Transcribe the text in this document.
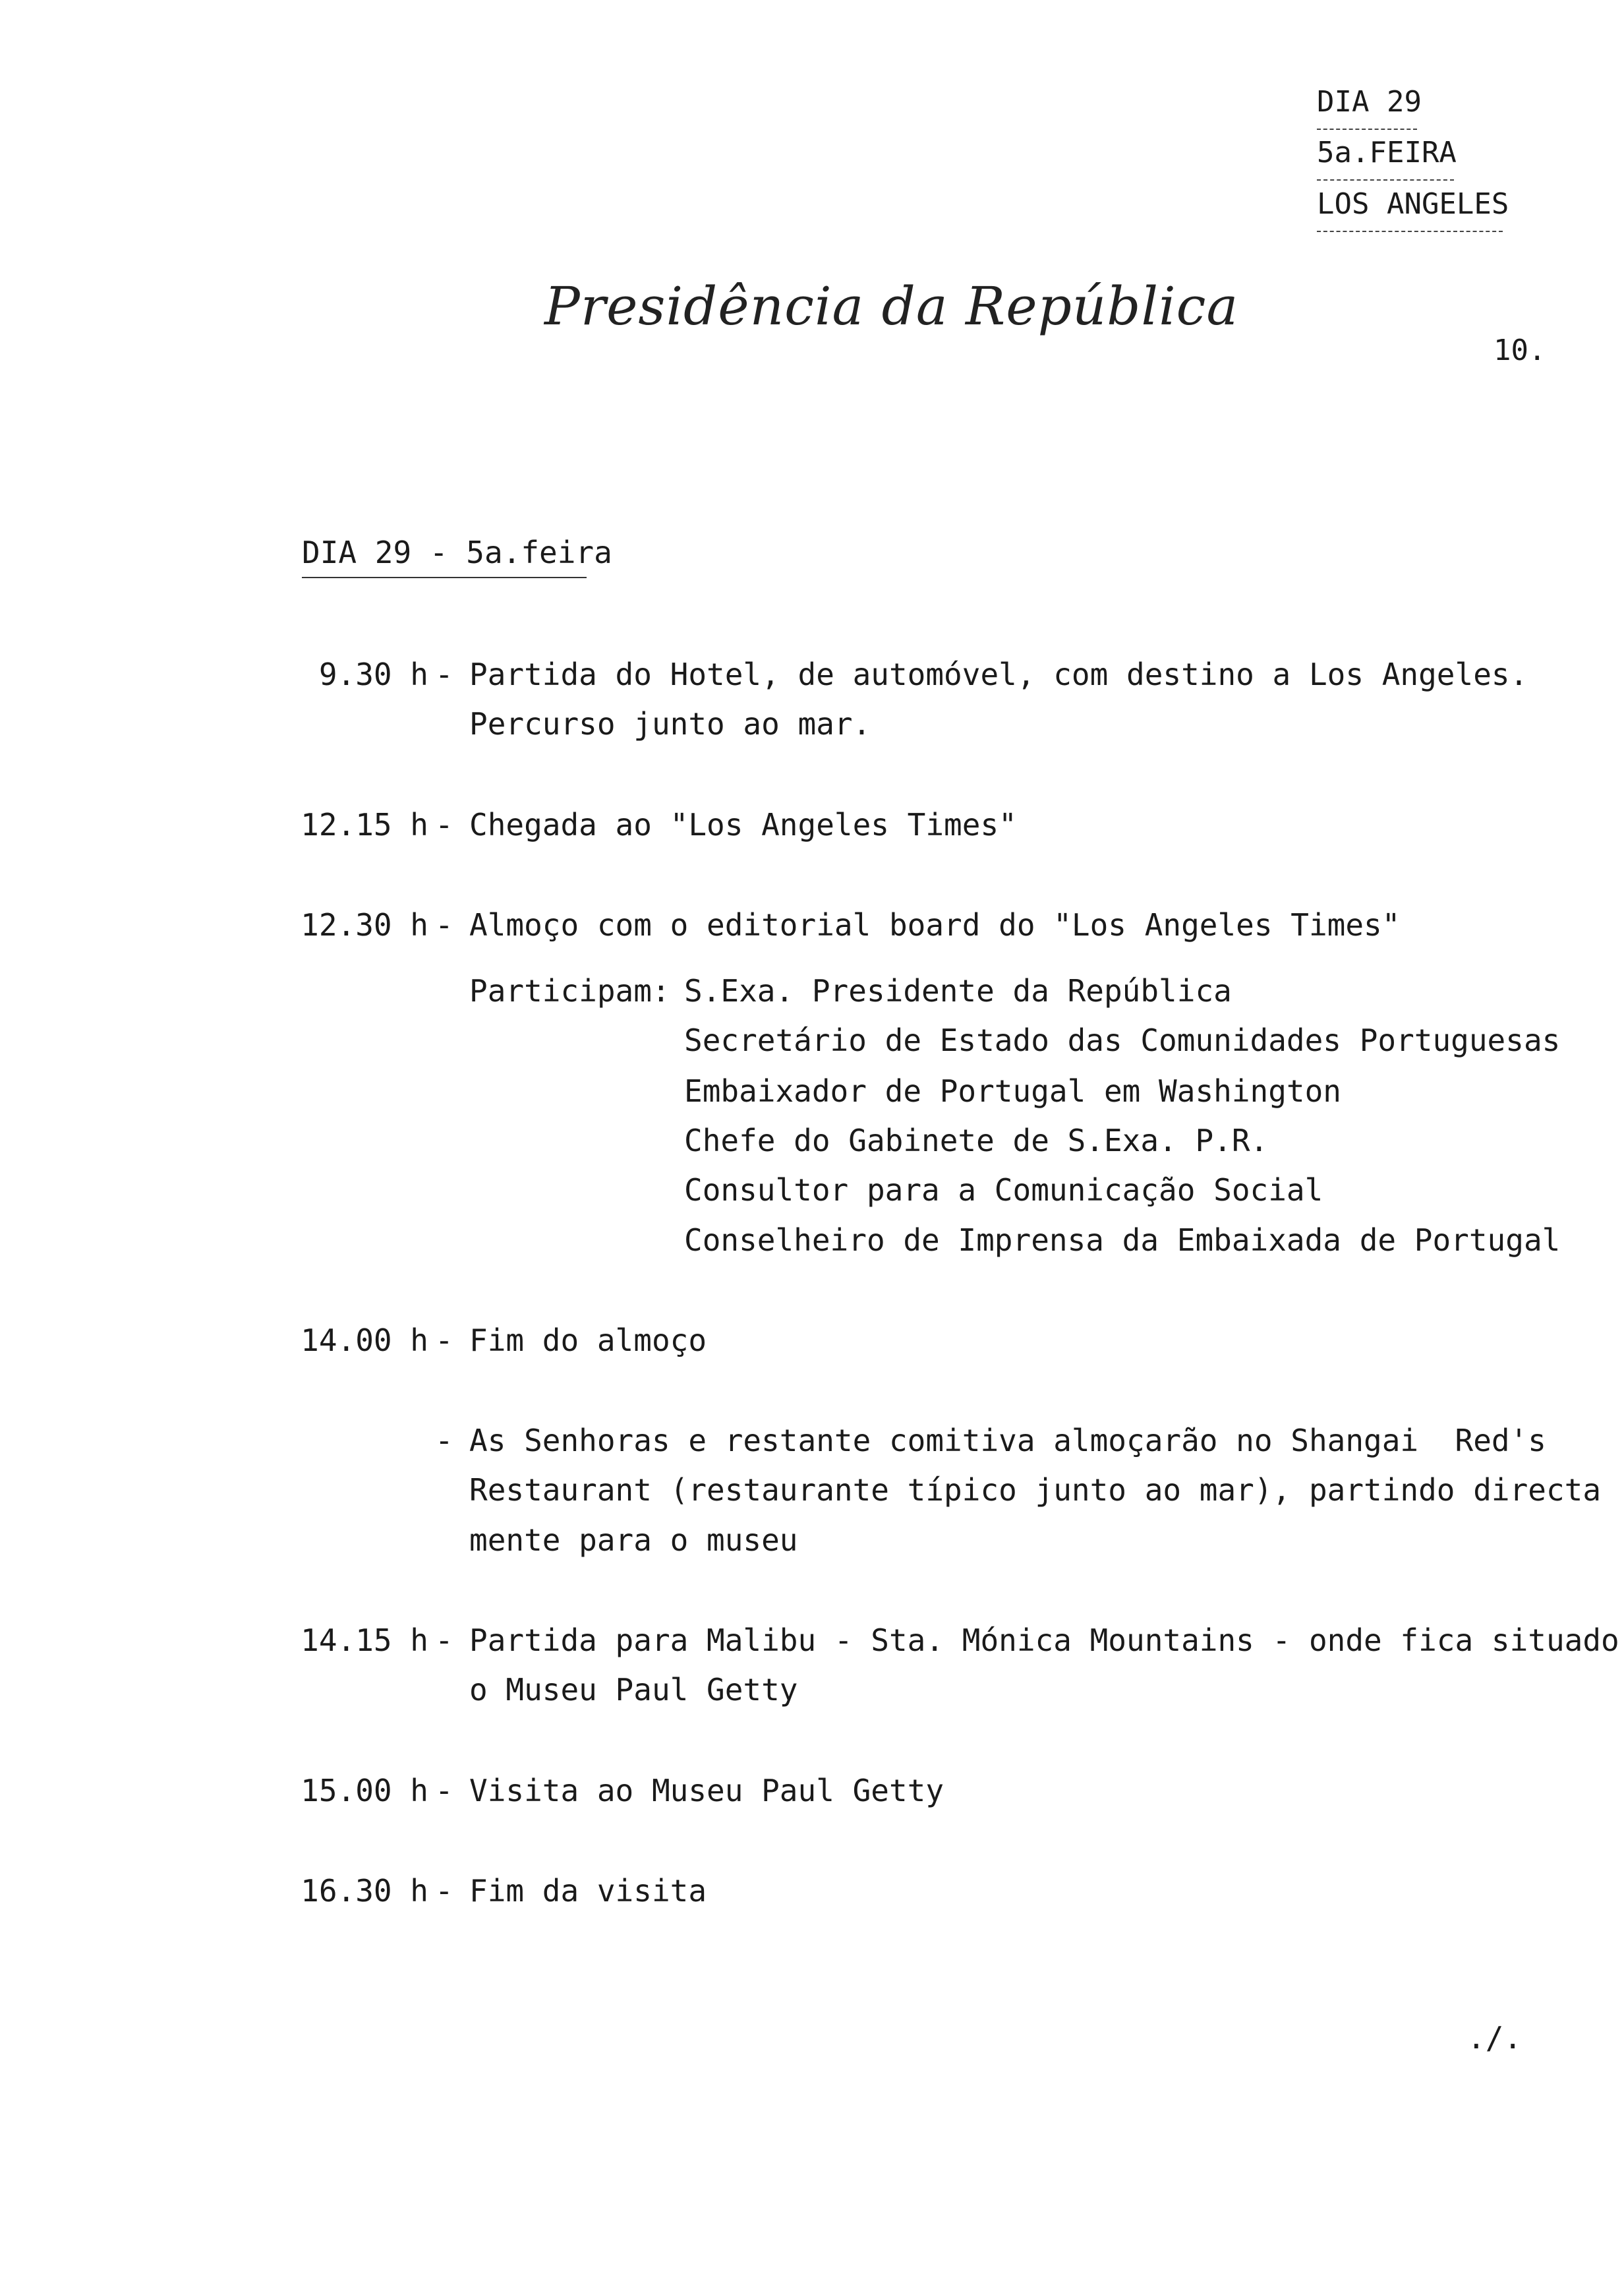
DIA 29
5a.FEIRA
LOS ANGELES
Presidência da República
10.
DIA 29 - 5a.feira
9.30 h - Partida do Hotel, de automóvel, com destino a Los Angeles.
Percurso junto ao mar.
12.15 h - Chegada ao "Los Angeles Times"
12.30 h - Almoço com o editorial board do "Los Angeles Times"
Participam: S.Exa. Presidente da República
Secretário de Estado das Comunidades Portuguesas
Embaixador de Portugal em Washington
Chefe do Gabinete de S.Exa. P.R.
Consultor para a Comunicação Social
Conselheiro de Imprensa da Embaixada de Portugal
14.00 h - Fim do almoço
- As Senhoras e restante comitiva almoçarão no Shangai  Red's
Restaurant (restaurante típico junto ao mar), partindo directa
mente para o museu
14.15 h - Partida para Malibu - Sta. Mónica Mountains - onde fica situado
o Museu Paul Getty
15.00 h - Visita ao Museu Paul Getty
16.30 h - Fim da visita
./.
